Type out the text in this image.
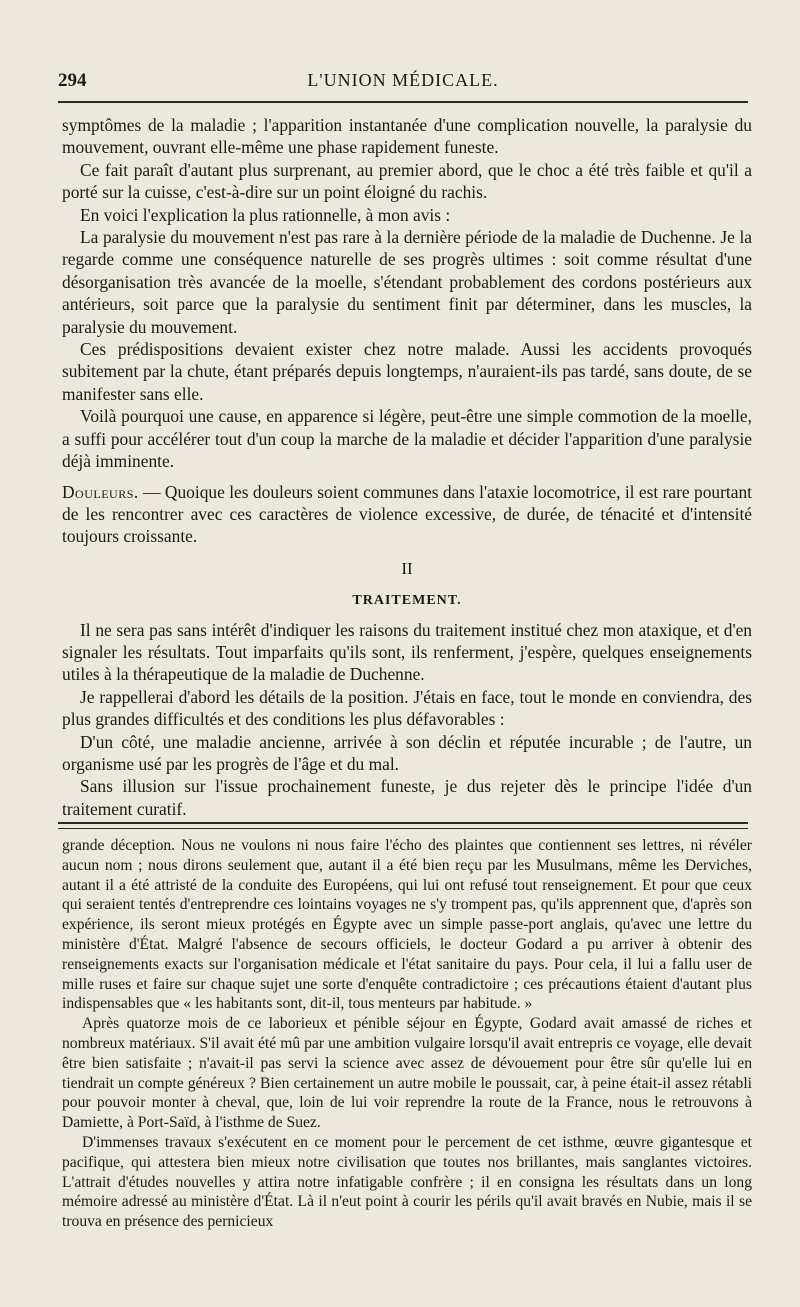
294	L'UNION MÉDICALE.

symptômes de la maladie ; l'apparition instantanée d'une complication nouvelle, la paralysie du mouvement, ouvrant elle-même une phase rapidement funeste.

Ce fait paraît d'autant plus surprenant, au premier abord, que le choc a été très faible et qu'il a porté sur la cuisse, c'est-à-dire sur un point éloigné du rachis.

En voici l'explication la plus rationnelle, à mon avis :

La paralysie du mouvement n'est pas rare à la dernière période de la maladie de Duchenne. Je la regarde comme une conséquence naturelle de ses progrès ultimes : soit comme résultat d'une désorganisation très avancée de la moelle, s'étendant probablement des cordons postérieurs aux antérieurs, soit parce que la paralysie du sentiment finit par déterminer, dans les muscles, la paralysie du mouvement.

Ces prédispositions devaient exister chez notre malade. Aussi les accidents provoqués subitement par la chute, étant préparés depuis longtemps, n'auraient-ils pas tardé, sans doute, de se manifester sans elle.

Voilà pourquoi une cause, en apparence si légère, peut-être une simple commotion de la moelle, a suffi pour accélérer tout d'un coup la marche de la maladie et décider l'apparition d'une paralysie déjà imminente.

Douleurs. — Quoique les douleurs soient communes dans l'ataxie locomotrice, il est rare pourtant de les rencontrer avec ces caractères de violence excessive, de durée, de ténacité et d'intensité toujours croissante.

II
TRAITEMENT.

Il ne sera pas sans intérêt d'indiquer les raisons du traitement institué chez mon ataxique, et d'en signaler les résultats. Tout imparfaits qu'ils sont, ils renferment, j'espère, quelques enseignements utiles à la thérapeutique de la maladie de Duchenne.

Je rappellerai d'abord les détails de la position. J'étais en face, tout le monde en conviendra, des plus grandes difficultés et des conditions les plus défavorables :

D'un côté, une maladie ancienne, arrivée à son déclin et réputée incurable ; de l'autre, un organisme usé par les progrès de l'âge et du mal.

Sans illusion sur l'issue prochainement funeste, je dus rejeter dès le principe l'idée d'un traitement curatif.

grande déception. Nous ne voulons ni nous faire l'écho des plaintes que contiennent ses lettres, ni révéler aucun nom ; nous dirons seulement que, autant il a été bien reçu par les Musulmans, même les Derviches, autant il a été attristé de la conduite des Européens, qui lui ont refusé tout renseignement. Et pour que ceux qui seraient tentés d'entreprendre ces lointains voyages ne s'y trompent pas, qu'ils apprennent que, d'après son expérience, ils seront mieux protégés en Égypte avec un simple passe-port anglais, qu'avec une lettre du ministère d'État. Malgré l'absence de secours officiels, le docteur Godard a pu arriver à obtenir des renseignements exacts sur l'organisation médicale et l'état sanitaire du pays. Pour cela, il lui a fallu user de mille ruses et faire sur chaque sujet une sorte d'enquête contradictoire ; ces précautions étaient d'autant plus indispensables que « les habitants sont, dit-il, tous menteurs par habitude. »

Après quatorze mois de ce laborieux et pénible séjour en Égypte, Godard avait amassé de riches et nombreux matériaux. S'il avait été mû par une ambition vulgaire lorsqu'il avait entrepris ce voyage, elle devait être bien satisfaite ; n'avait-il pas servi la science avec assez de dévouement pour être sûr qu'elle lui en tiendrait un compte généreux ? Bien certainement un autre mobile le poussait, car, à peine était-il assez rétabli pour pouvoir monter à cheval, que, loin de lui voir reprendre la route de la France, nous le retrouvons à Damiette, à Port-Saïd, à l'isthme de Suez.

D'immenses travaux s'exécutent en ce moment pour le percement de cet isthme, œuvre gigantesque et pacifique, qui attestera bien mieux notre civilisation que toutes nos brillantes, mais sanglantes victoires. L'attrait d'études nouvelles y attira notre infatigable confrère ; il en consigna les résultats dans un long mémoire adressé au ministère d'État. Là il n'eut point à courir les périls qu'il avait bravés en Nubie, mais il se trouva en présence des pernicieux
